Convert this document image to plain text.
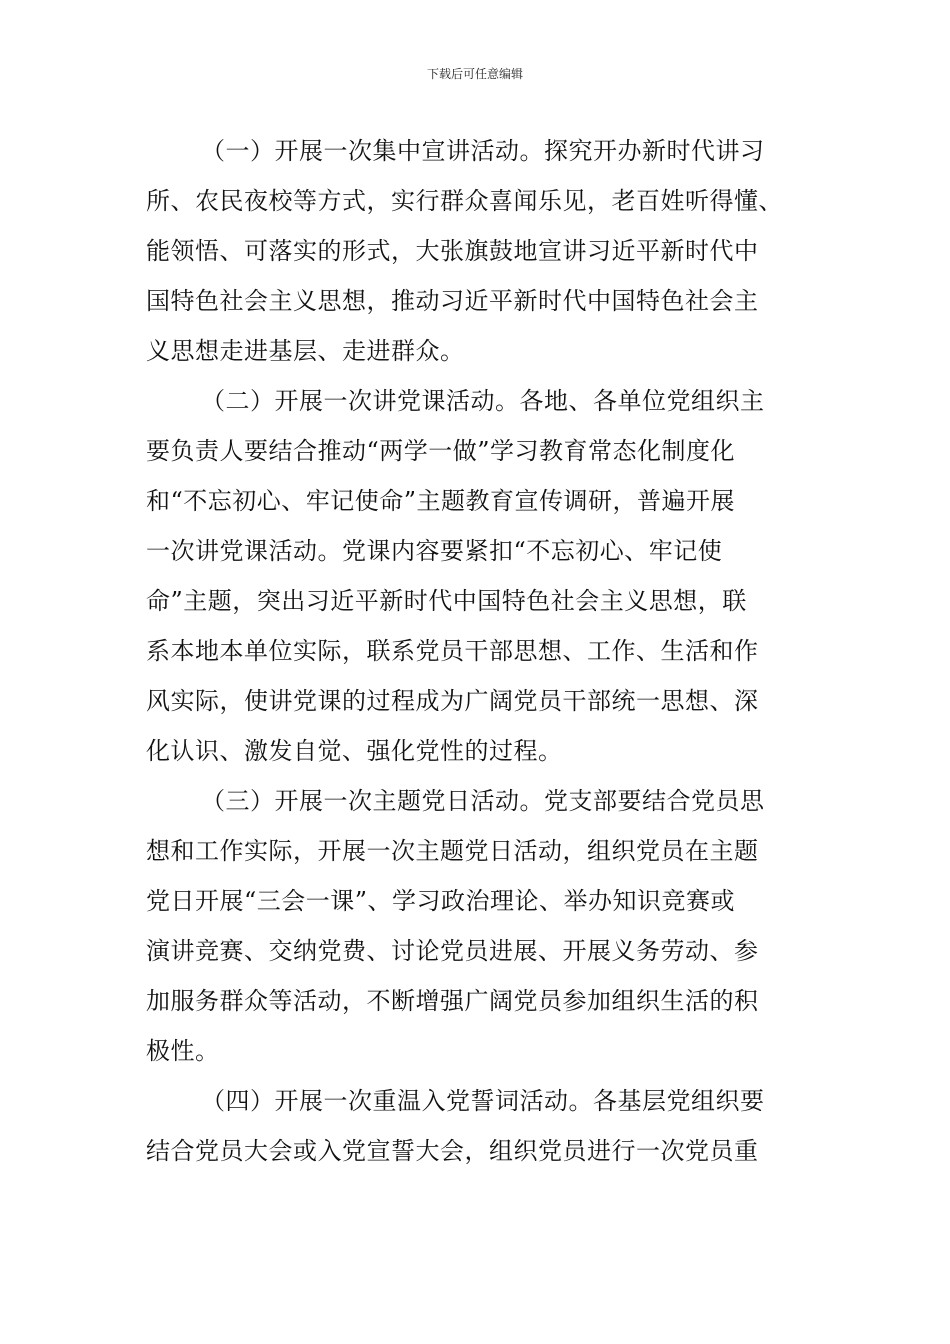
下载后可任意编辑
（一）开展一次集中宣讲活动。探究开办新时代讲习
所、农民夜校等方式，实行群众喜闻乐见，老百姓听得懂、
能领悟、可落实的形式，大张旗鼓地宣讲习近平新时代中
国特色社会主义思想，推动习近平新时代中国特色社会主
义思想走进基层、走进群众。
（二）开展一次讲党课活动。各地、各单位党组织主
要负责人要结合推动“两学一做”学习教育常态化制度化
和“不忘初心、牢记使命”主题教育宣传调研，普遍开展
一次讲党课活动。党课内容要紧扣“不忘初心、牢记使
命”主题，突出习近平新时代中国特色社会主义思想，联
系本地本单位实际，联系党员干部思想、工作、生活和作
风实际，使讲党课的过程成为广阔党员干部统一思想、深
化认识、激发自觉、强化党性的过程。
（三）开展一次主题党日活动。党支部要结合党员思
想和工作实际，开展一次主题党日活动，组织党员在主题
党日开展“三会一课”、学习政治理论、举办知识竞赛或
演讲竞赛、交纳党费、讨论党员进展、开展义务劳动、参
加服务群众等活动，不断增强广阔党员参加组织生活的积
极性。
（四）开展一次重温入党誓词活动。各基层党组织要
结合党员大会或入党宣誓大会，组织党员进行一次党员重
